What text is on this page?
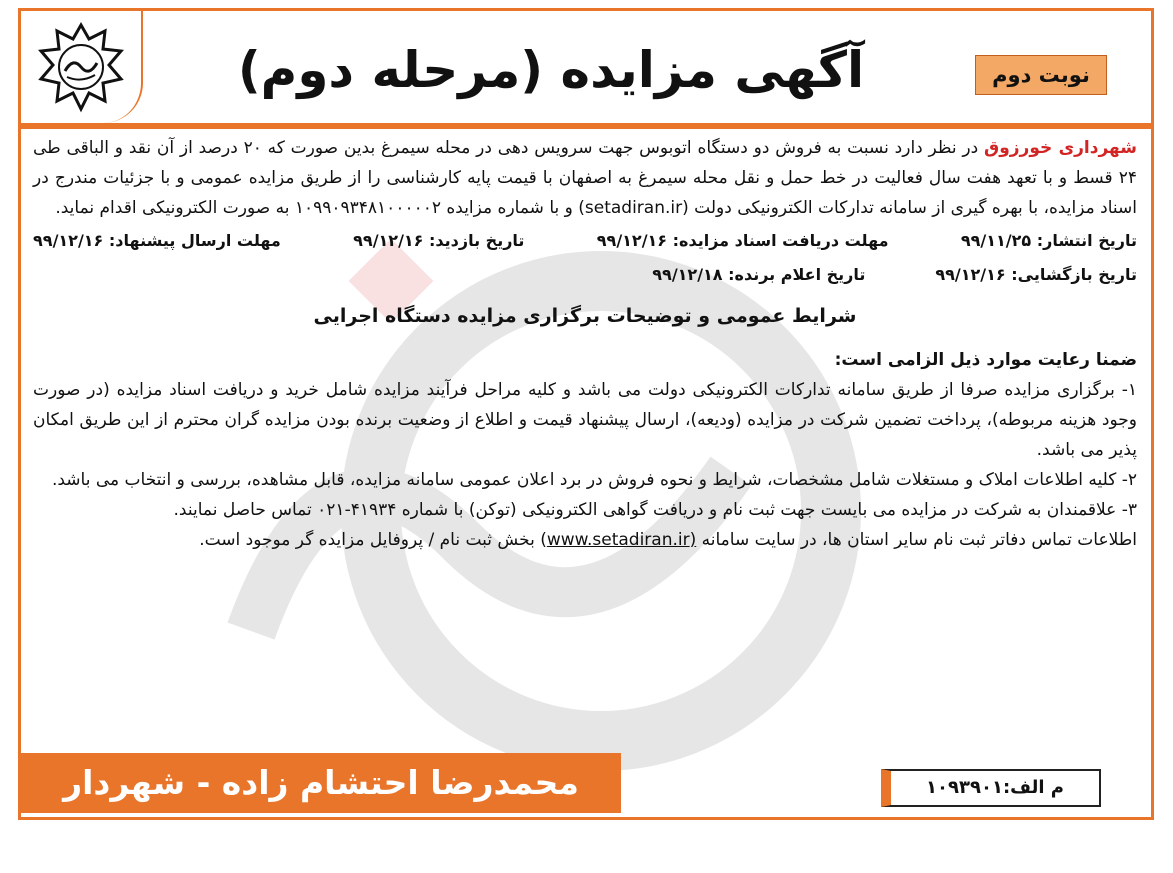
آگهی مزایده (مرحله دوم)	نوبت دوم

شهرداری خورزوق در نظر دارد نسبت به فروش دو دستگاه اتوبوس جهت سرویس دهی در محله سیمرغ بدین صورت که ۲۰ درصد از آن نقد و الباقی طی ۲۴ قسط و با تعهد هفت سال فعالیت در خط حمل و نقل محله سیمرغ به اصفهان با قیمت پایه کارشناسی را از طریق مزایده عمومی و با جزئیات مندرج در اسناد مزایده، با بهره گیری از سامانه تدارکات الکترونیکی دولت (setadiran.ir) و با شماره مزایده ۱۰۹۹۰۹۳۴۸۱۰۰۰۰۰۲ به صورت الکترونیکی اقدام نماید.

تاریخ انتشار: ۹۹/۱۱/۲۵
مهلت دریافت اسناد مزایده: ۹۹/۱۲/۱۶
تاریخ بازدید: ۹۹/۱۲/۱۶
مهلت ارسال پیشنهاد: ۹۹/۱۲/۱۶
تاریخ بازگشایی: ۹۹/۱۲/۱۶
تاریخ اعلام برنده: ۹۹/۱۲/۱۸
شرایط عمومی و توضیحات برگزاری مزایده دستگاه اجرایی
ضمنا رعایت موارد ذیل الزامی است:

۱- برگزاری مزایده صرفا از طریق سامانه تدارکات الکترونیکی دولت می باشد و کلیه مراحل فرآیند مزایده شامل خرید و دریافت اسناد مزایده (در صورت وجود هزینه مربوطه)، پرداخت تضمین شرکت در مزایده (ودیعه)، ارسال پیشنهاد قیمت و اطلاع از وضعیت برنده بودن مزایده گران محترم از این طریق امکان پذیر می باشد.

۲- کلیه اطلاعات املاک و مستغلات شامل مشخصات، شرایط و نحوه فروش در برد اعلان عمومی سامانه مزایده، قابل مشاهده، بررسی و انتخاب می باشد.

۳- علاقمندان به شرکت در مزایده می بایست جهت ثبت نام و دریافت گواهی الکترونیکی (توکن) با شماره ۴۱۹۳۴-۰۲۱ تماس حاصل نمایند.

اطلاعات تماس دفاتر ثبت نام سایر استان ها، در سایت سامانه (www.setadiran.ir) بخش ثبت نام / پروفایل مزایده گر موجود است.

محمدرضا احتشام زاده - شهردار خورزوق
م الف:۱۰۹۳۹۰۱
